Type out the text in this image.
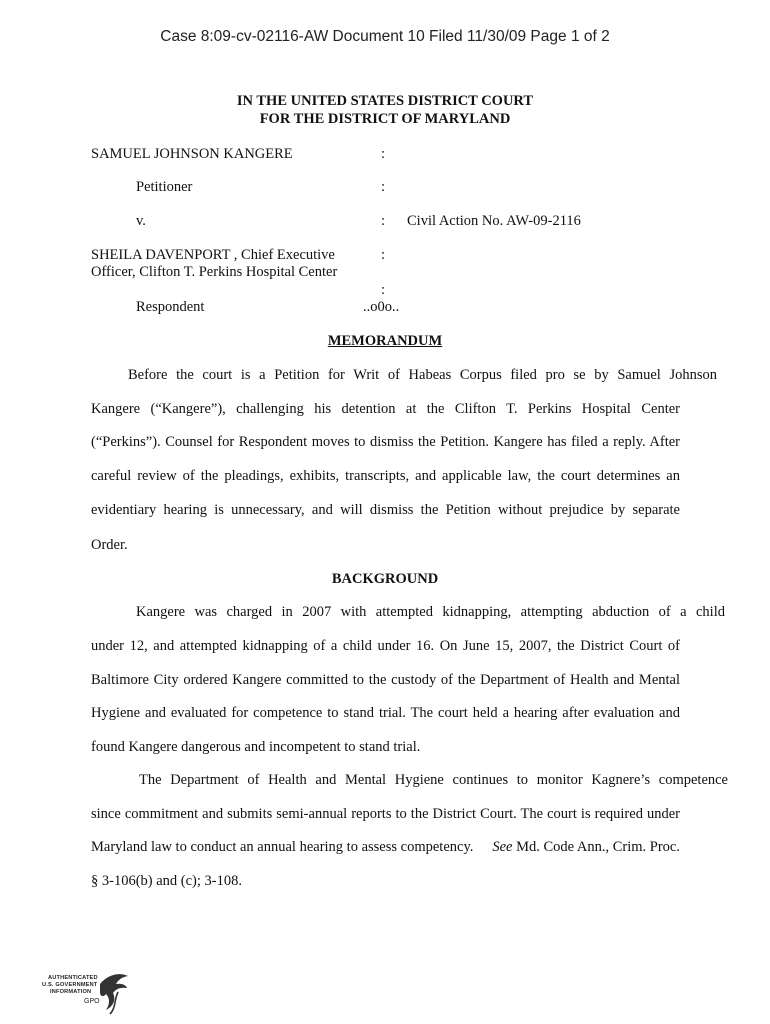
Case 8:09-cv-02116-AW Document 10 Filed 11/30/09 Page 1 of 2
IN THE UNITED STATES DISTRICT COURT
FOR THE DISTRICT OF MARYLAND
SAMUEL JOHNSON KANGERE	:
Petitioner	:
v.	: Civil Action No. AW-09-2116
SHEILA DAVENPORT , Chief Executive	:
Officer, Clifton T. Perkins Hospital Center
:
Respondent	..o0o..
MEMORANDUM
Before the court is a Petition for Writ of Habeas Corpus filed pro se by Samuel Johnson
Kangere (“Kangere”), challenging his detention at the Clifton T. Perkins Hospital Center
(“Perkins”). Counsel for Respondent moves to dismiss the Petition. Kangere has filed a reply. After
careful review of the pleadings, exhibits, transcripts, and applicable law, the court determines an
evidentiary hearing is unnecessary, and will dismiss the Petition without prejudice by separate
Order.
BACKGROUND
Kangere was charged in 2007 with attempted kidnapping, attempting abduction of a child
under 12, and attempted kidnapping of a child under 16. On June 15, 2007, the District Court of
Baltimore City ordered Kangere committed to the custody of the Department of Health and Mental
Hygiene and evaluated for competence to stand trial. The court held a hearing after evaluation and
found Kangere dangerous and incompetent to stand trial.
The Department of Health and Mental Hygiene continues to monitor Kagnere’s competence
since commitment and submits semi-annual reports to the District Court. The court is required under
Maryland law to conduct an annual hearing to assess competency. See Md. Code Ann., Crim. Proc.
§ 3-106(b) and (c); 3-108.
AUTHENTICATED
U.S. GOVERNMENT
INFORMATION
GPO
